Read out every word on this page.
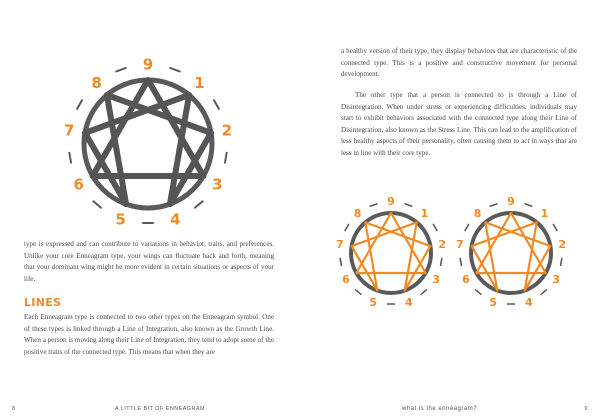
9
1
2
3
4
5
6
7
8

type is expressed and can contribute to variations in behavior, traits, and preferences. Unlike your core Enneagram type, your wings can fluctuate back and forth, meaning that your dominant wing might be more evident in certain situations or aspects of your life.

LINES

Each Enneagram type is connected to two other types on the Enneagram symbol. One of these types is linked through a Line of Integration, also known as the Growth Line. When a person is moving along their Line of Integration, they tend to adopt some of the positive traits of the connected type. This means that when they are

8	A LITTLE BIT OF ENNEAGRAM

a healthy version of their type, they display behaviors that are characteristic of the connected type. This is a positive and constructive movement for personal development.

The other type that a person is connected to is through a Line of Disintegration. When under stress or experiencing difficulties, individuals may start to exhibit behaviors associated with the connected type along their Line of Disintegration, also known as the Stress Line. This can lead to the amplification of less healthy aspects of their personality, often causing them to act in ways that are less in line with their core type.

9
1
2
3
4
5
6
7
8
9
1
2
3
4
5
6
7
8
what is the enneagram?	9
